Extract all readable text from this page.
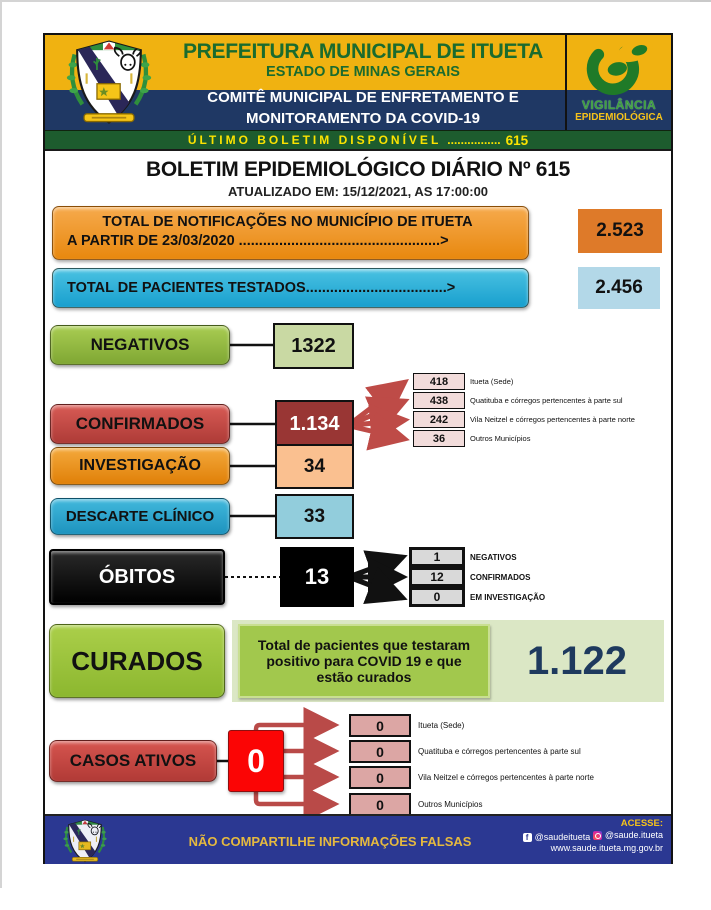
PREFEITURA MUNICIPAL DE ITUETA
ESTADO DE MINAS GERAIS
COMITÊ MUNICIPAL DE ENFRETAMENTO E
MONITORAMENTO DA COVID-19
VIGILÂNCIA
EPIDEMIOLÓGICA
ÚLTIMO BOLETIM DISPONÍVEL ................ 615
BOLETIM EPIDEMIOLÓGICO DIÁRIO Nº 615
ATUALIZADO EM: 15/12/2021, AS 17:00:00
TOTAL DE NOTIFICAÇÕES NO MUNICÍPIO DE ITUETA
A PARTIR DE 23/03/2020 ..................................................>	2.523
TOTAL DE PACIENTES TESTADOS...................................>	2.456
NEGATIVOS	1322
CONFIRMADOS	1.134
418	Itueta (Sede)
438	Quatituba e córregos pertencentes à parte sul
242	Vila Neitzel e córregos pertencentes à parte norte
36	Outros Municípios
INVESTIGAÇÃO	34
DESCARTE CLÍNICO	33
ÓBITOS	13
1	NEGATIVOS
12	CONFIRMADOS
0	EM INVESTIGAÇÃO
CURADOS
Total de pacientes que testaram positivo para COVID 19 e que estão curados	1.122
CASOS ATIVOS	0
0	Itueta (Sede)
0	Quatituba e córregos pertencentes à parte sul
0	Vila Neitzel e córregos pertencentes à parte norte
0	Outros Municípios
NÃO COMPARTILHE INFORMAÇÕES FALSAS
ACESSE:
f @saudeitueta
@saude.itueta
www.saude.itueta.mg.gov.br
